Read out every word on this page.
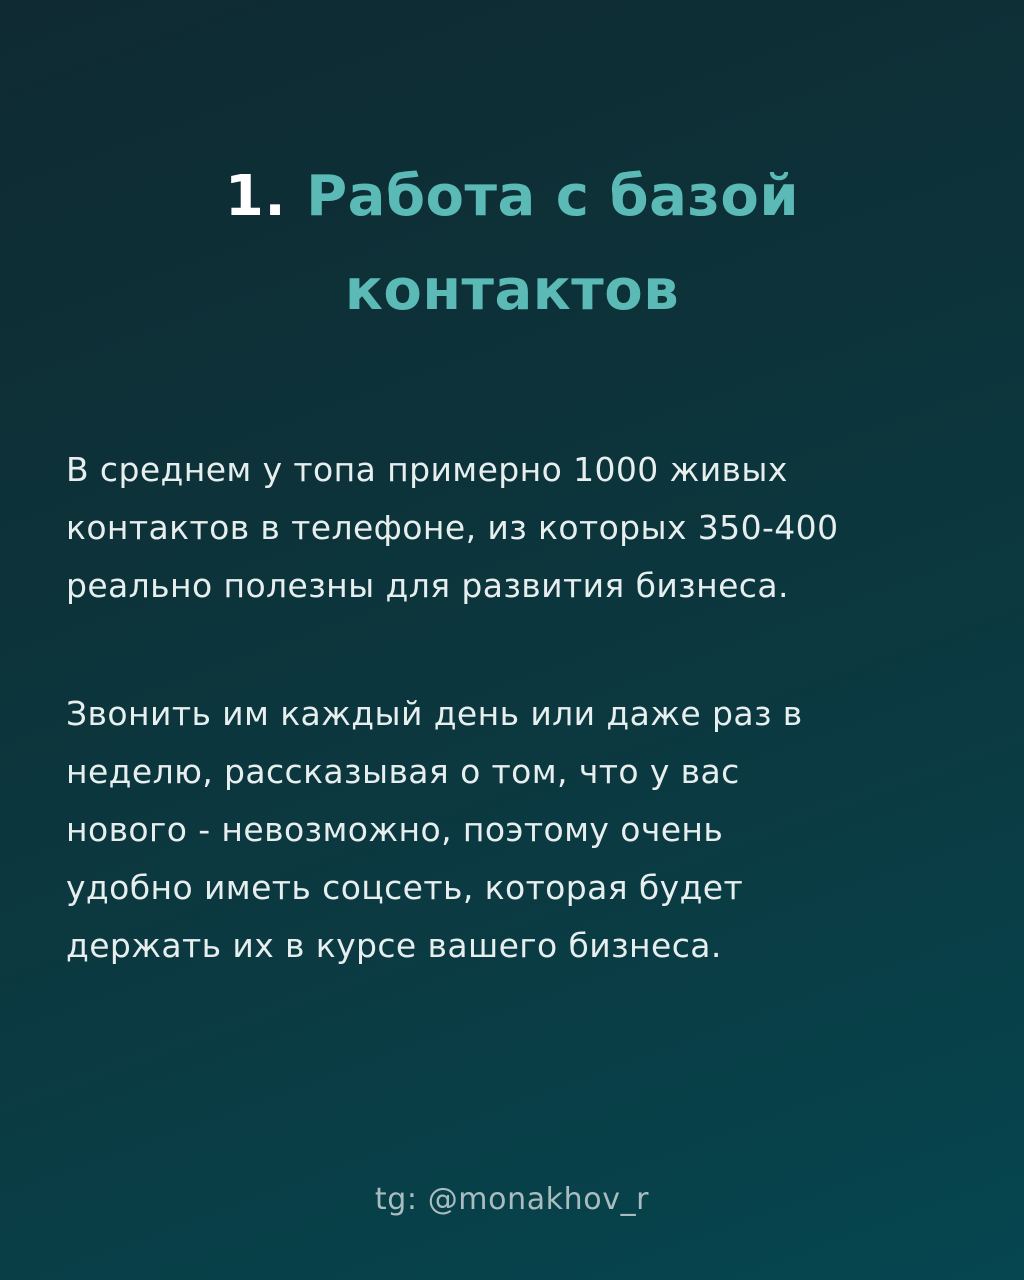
1. Работа с базой
контактов
В среднем у топа примерно 1000 живых
контактов в телефоне, из которых 350-400
реально полезны для развития бизнеса.
Звонить им каждый день или даже раз в
неделю, рассказывая о том, что у вас
нового - невозможно, поэтому очень
удобно иметь соцсеть, которая будет
держать их в курсе вашего бизнеса.
tg: @monakhov_r
